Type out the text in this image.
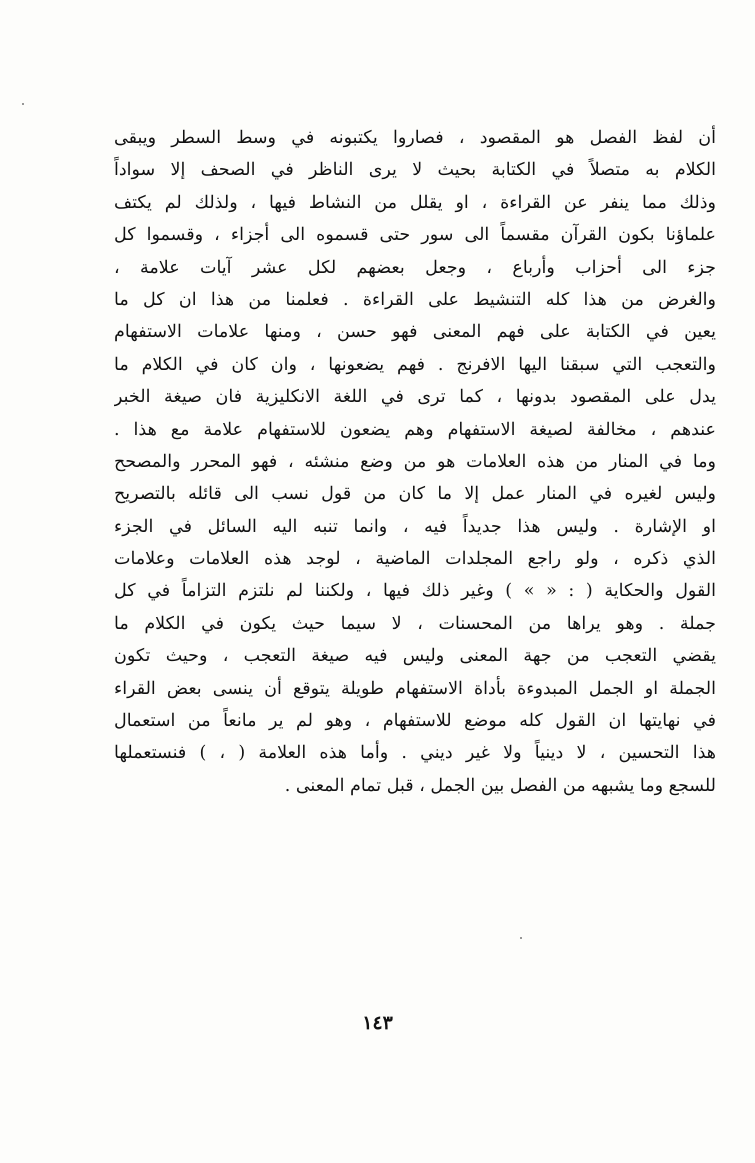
أن لفظ الفصل هو المقصود ، فصاروا يكتبونه في وسط السطر ويبقى
الكلام به متصلاً في الكتابة بحيث لا يرى الناظر في الصحف إلا سواداً
وذلك مما ينفر عن القراءة ، او يقلل من النشاط فيها ، ولذلك لم يكتف
علماؤنا بكون القرآن مقسماً الى سور حتى قسموه الى أجزاء ، وقسموا كل
جزء الى أحزاب وأرباع ، وجعل بعضهم لكل عشر آيات علامة ،
والغرض من هذا كله التنشيط على القراءة . فعلمنا من هذا ان كل ما
يعين في الكتابة على فهم المعنى فهو حسن ، ومنها علامات الاستفهام
والتعجب التي سبقنا اليها الافرنج . فهم يضعونها ، وان كان في الكلام ما
يدل على المقصود بدونها ، كما ترى في اللغة الانكليزية فان صيغة الخبر
عندهم ، مخالفة لصيغة الاستفهام وهم يضعون للاستفهام علامة مع هذا .
وما في المنار من هذه العلامات هو من وضع منشئه ، فهو المحرر والمصحح
وليس لغيره في المنار عمل إلا ما كان من قول نسب الى قائله بالتصريح
او الإشارة . وليس هذا جديداً فيه ، وانما تنبه اليه السائل في الجزء
الذي ذكره ، ولو راجع المجلدات الماضية ، لوجد هذه العلامات وعلامات
القول والحكاية ( : « » ) وغير ذلك فيها ، ولكننا لم نلتزم التزاماً في كل
جملة . وهو يراها من المحسنات ، لا سيما حيث يكون في الكلام ما
يقضي التعجب من جهة المعنى وليس فيه صيغة التعجب ، وحيث تكون
الجملة او الجمل المبدوءة بأداة الاستفهام طويلة يتوقع أن ينسى بعض القراء
في نهايتها ان القول كله موضع للاستفهام ، وهو لم ير مانعاً من استعمال
هذا التحسين ، لا دينياً ولا غير ديني . وأما هذه العلامة ( ، ) فنستعملها
للسجع وما يشبهه من الفصل بين الجمل ، قبل تمام المعنى .
١٤٣
